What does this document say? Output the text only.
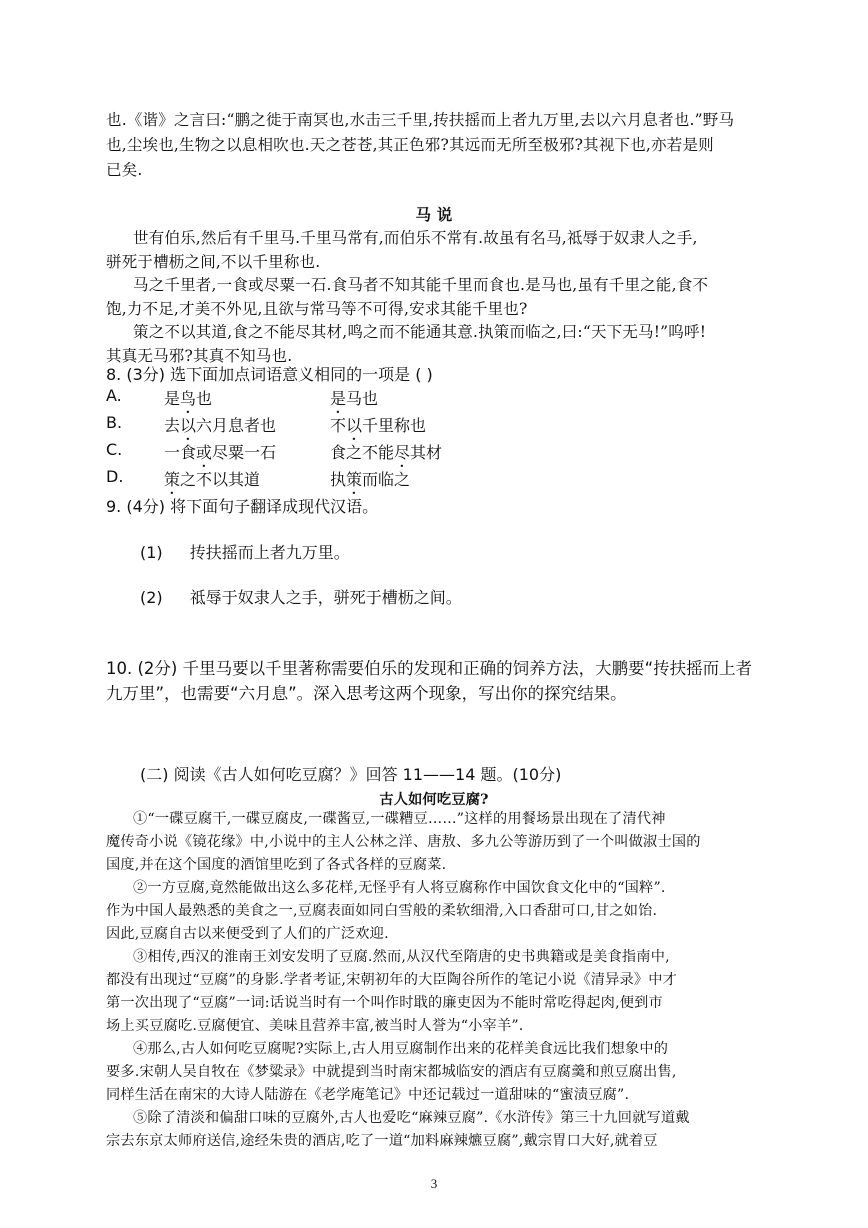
也.《谐》之言曰:“鹏之徙于南冥也,水击三千里,抟扶摇而上者九万里,去以六月息者也.”野马
也,尘埃也,生物之以息相吹也.天之苍苍,其正色邪?其远而无所至极邪?其视下也,亦若是则
已矣.
马 说
世有伯乐,然后有千里马.千里马常有,而伯乐不常有.故虽有名马,祗辱于奴隶人之手,
骈死于槽枥之间,不以千里称也.
马之千里者,一食或尽粟一石.食马者不知其能千里而食也.是马也,虽有千里之能,食不
饱,力不足,才美不外见,且欲与常马等不可得,安求其能千里也?
策之不以其道,食之不能尽其材,鸣之而不能通其意.执策而临之,曰:“天下无马!”呜呼!
其真无马邪?其真不知马也.
8. (3分) 选下面加点词语意义相同的一项是 ( )
A.	是鸟也	是马也
B.	去以六月息者也	不以千里称也
C.	一食或尽粟一石	食之不能尽其材
D.	策之不以其道	执策而临之
9. (4分) 将下面句子翻译成现代汉语。
(1) 抟扶摇而上者九万里。
(2) 祗辱于奴隶人之手，骈死于槽枥之间。
10. (2分) 千里马要以千里著称需要伯乐的发现和正确的饲养方法，大鹏要“抟扶摇而上者
九万里”，也需要“六月息”。深入思考这两个现象，写出你的探究结果。
(二) 阅读《古人如何吃豆腐？》回答 11——14 题。(10分)
古人如何吃豆腐?
①“一碟豆腐干,一碟豆腐皮,一碟酱豆,一碟糟豆……”这样的用餐场景出现在了清代神
魔传奇小说《镜花缘》中,小说中的主人公林之洋、唐敖、多九公等游历到了一个叫做淑士国的
国度,并在这个国度的酒馆里吃到了各式各样的豆腐菜.
②一方豆腐,竟然能做出这么多花样,无怪乎有人将豆腐称作中国饮食文化中的“国粹”.
作为中国人最熟悉的美食之一,豆腐表面如同白雪般的柔软细滑,入口香甜可口,甘之如饴.
因此,豆腐自古以来便受到了人们的广泛欢迎.
③相传,西汉的淮南王刘安发明了豆腐.然而,从汉代至隋唐的史书典籍或是美食指南中,
都没有出现过“豆腐”的身影.学者考证,宋朝初年的大臣陶谷所作的笔记小说《清异录》中才
第一次出现了“豆腐”一词:话说当时有一个叫作时戢的廉吏因为不能时常吃得起肉,便到市
场上买豆腐吃.豆腐便宜、美味且营养丰富,被当时人誉为“小宰羊”.
④那么,古人如何吃豆腐呢?实际上,古人用豆腐制作出来的花样美食远比我们想象中的
要多.宋朝人吴自牧在《梦粱录》中就提到当时南宋都城临安的酒店有豆腐羹和煎豆腐出售,
同样生活在南宋的大诗人陆游在《老学庵笔记》中还记载过一道甜味的“蜜渍豆腐”.
⑤除了清淡和偏甜口味的豆腐外,古人也爱吃“麻辣豆腐”.《水浒传》第三十九回就写道戴
宗去东京太师府送信,途经朱贵的酒店,吃了一道“加料麻辣爊豆腐”,戴宗胃口大好,就着豆
3
